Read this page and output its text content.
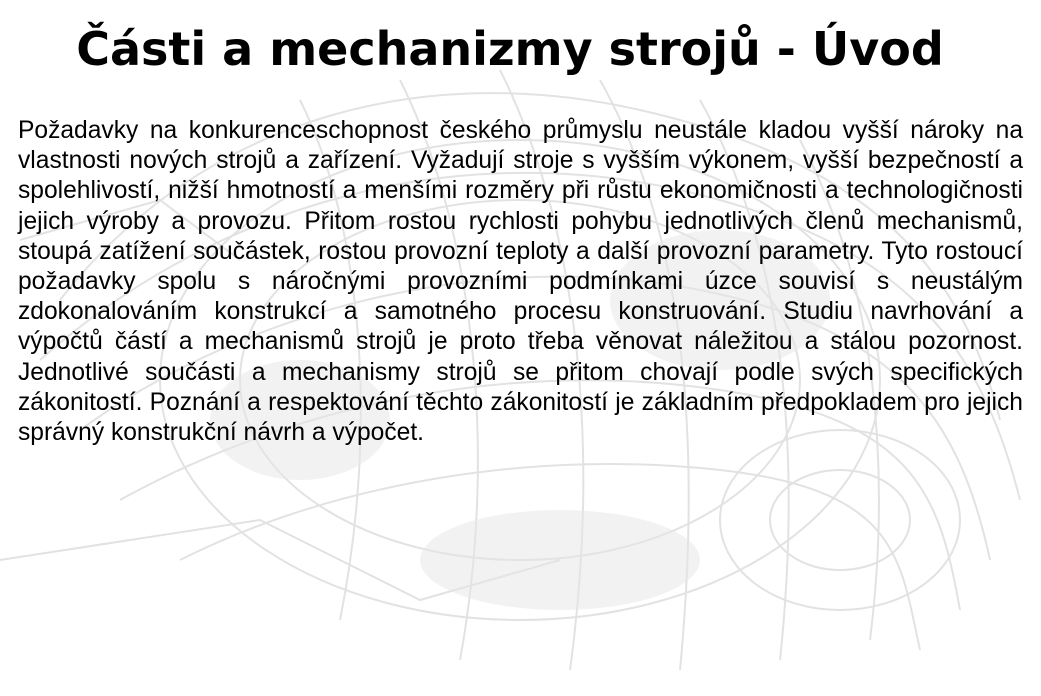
Části a mechanizmy strojů - Úvod

Požadavky na konkurenceschopnost českého průmyslu neustále kladou vyšší nároky na vlastnosti nových strojů a zařízení. Vyžadují stroje s vyšším výkonem, vyšší bezpečností a spolehlivostí, nižší hmotností a menšími rozměry při růstu ekonomičnosti a technologičnosti jejich výroby a provozu. Přitom rostou rychlosti pohybu jednotlivých členů mechanismů, stoupá zatížení součástek, rostou provozní teploty a další provozní parametry. Tyto rostoucí požadavky spolu s náročnými provozními podmínkami úzce souvisí s neustálým zdokonalováním konstrukcí a samotného procesu konstruování. Studiu navrhování a výpočtů částí a mechanismů strojů je proto třeba věnovat náležitou a stálou pozornost. Jednotlivé součásti a mechanismy strojů se přitom chovají podle svých specifických zákonitostí. Poznání a respektování těchto zákonitostí je základním předpokladem pro jejich správný konstrukční návrh a výpočet.
